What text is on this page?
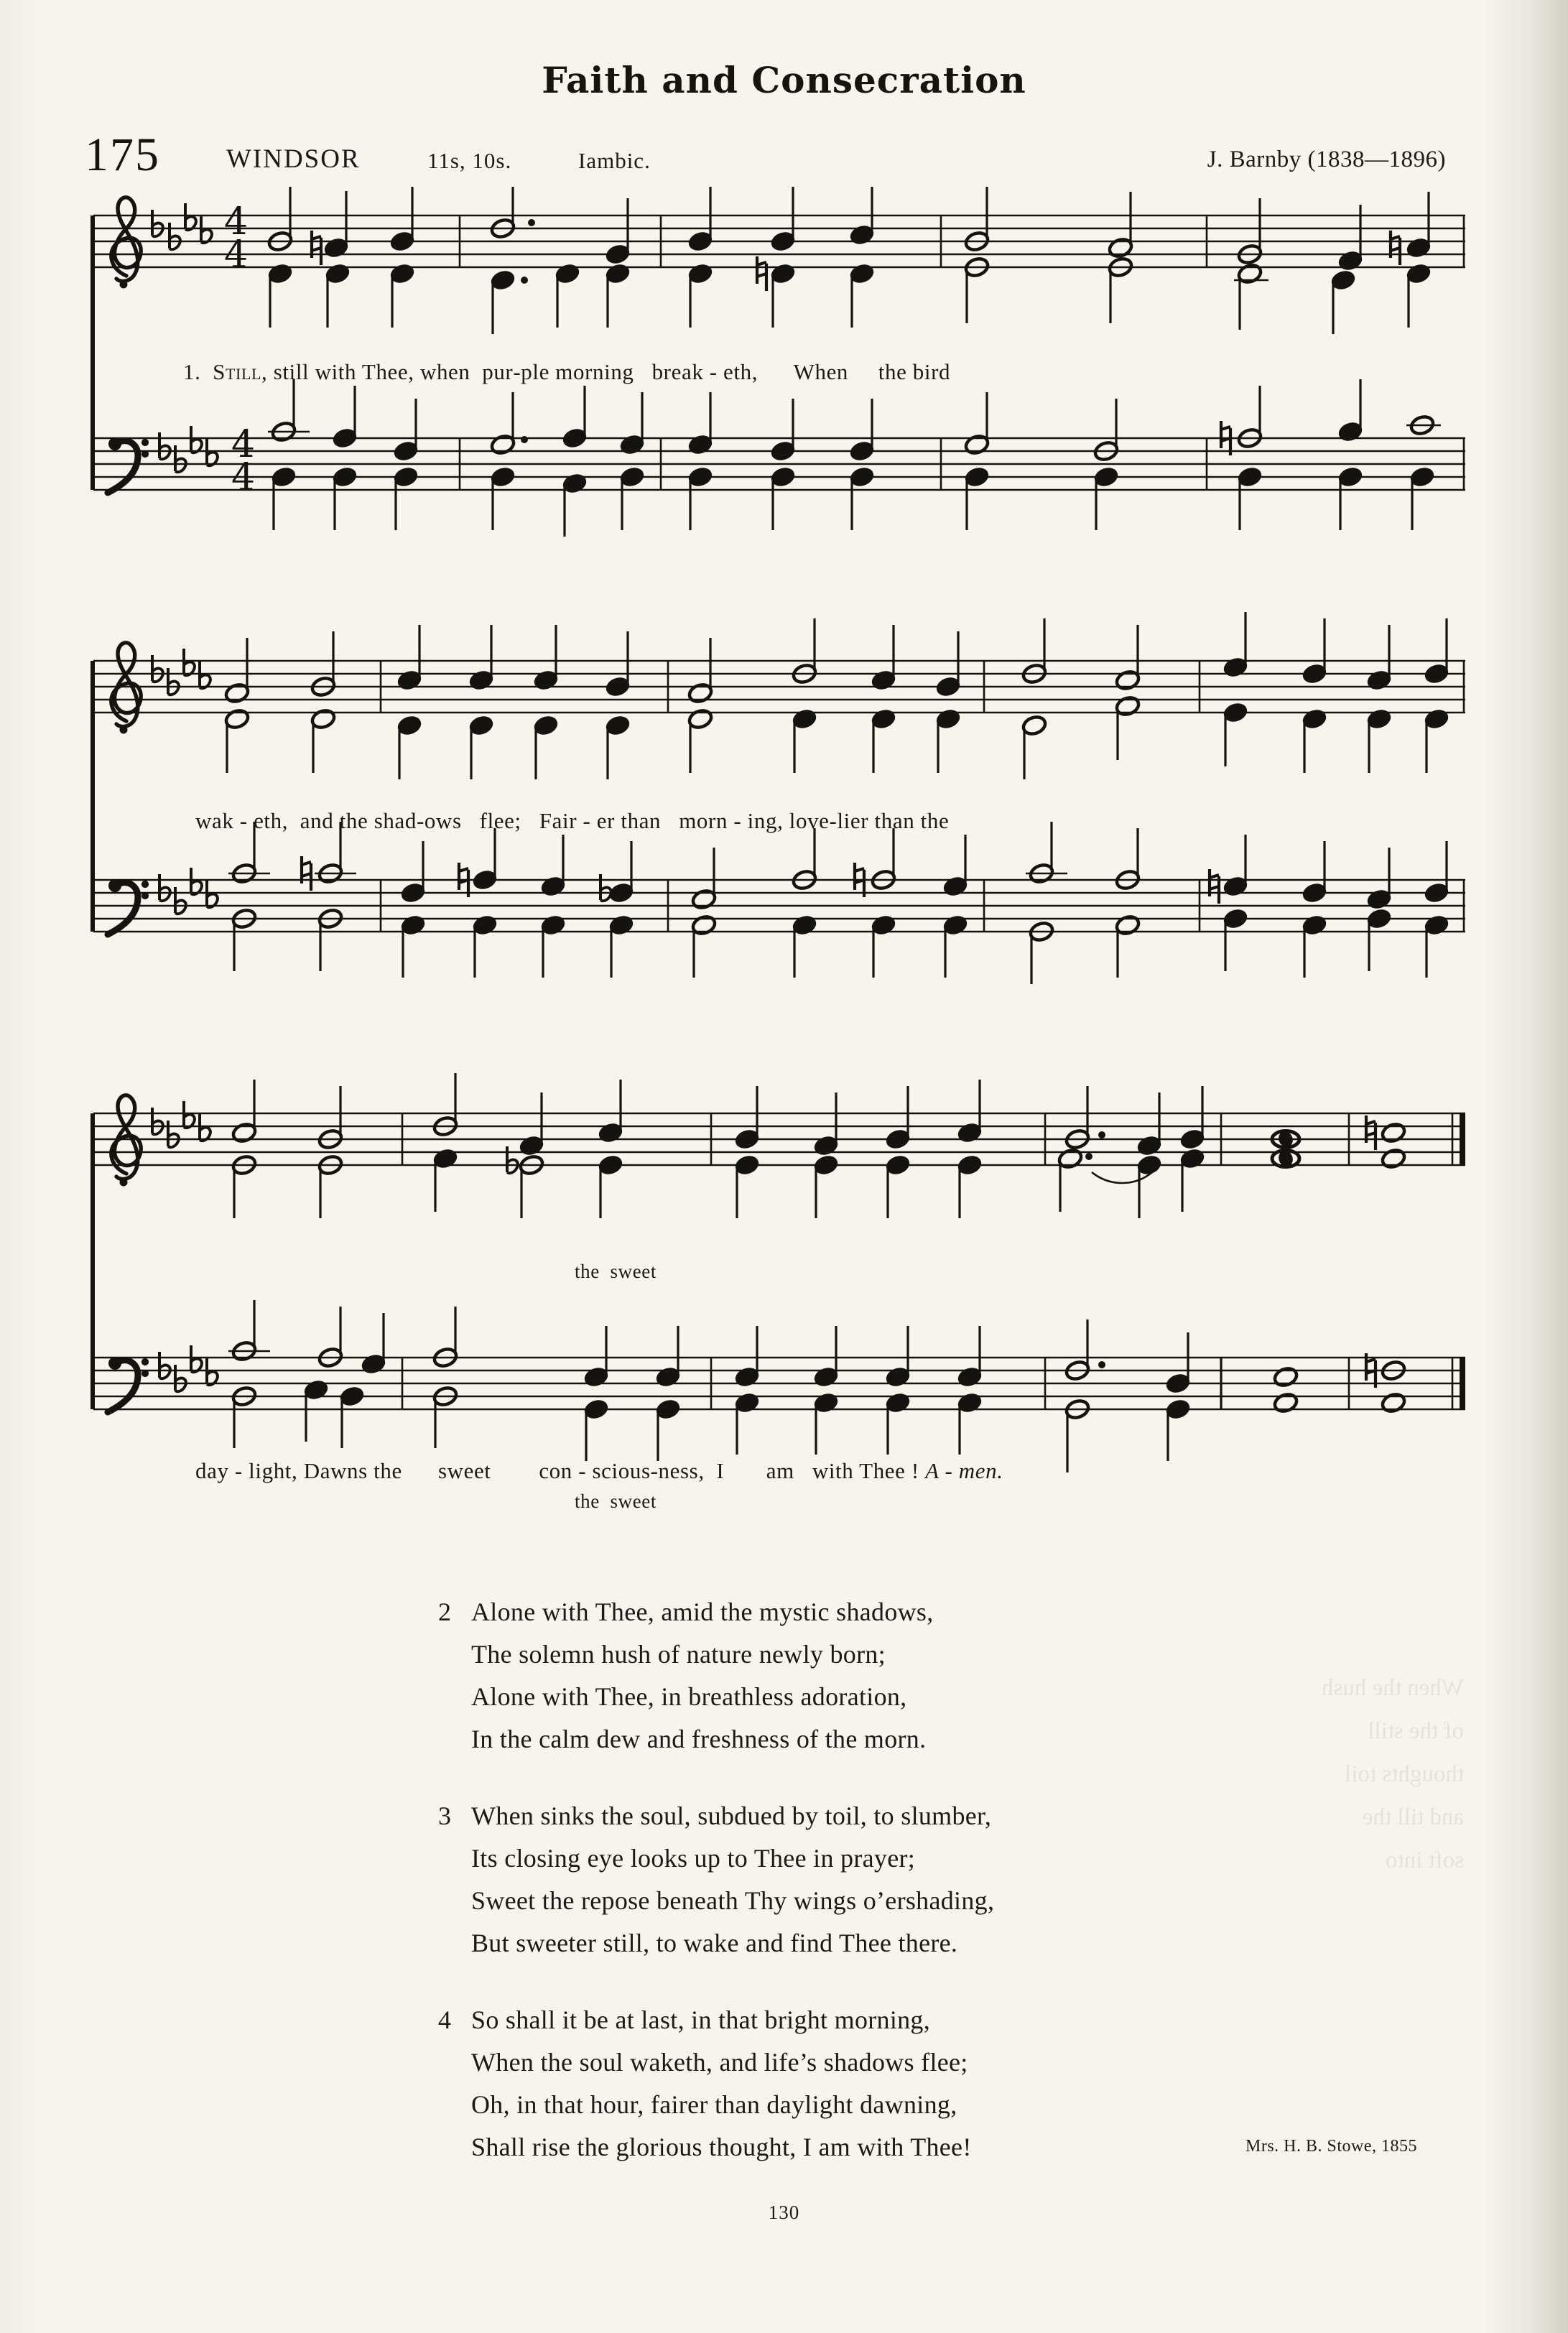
Faith and Consecration
175 WINDSOR	11s, 10s.	Iambic.	J. Barnby (1838—1896)
4
4
4
4
1.  Still, still with Thee, when  pur‑ple morning   break - eth,      When     the bird
wak - eth,  and the shad-ows   flee;   Fair - er than   morn - ing, love-lier than the
the  sweet
day - light, Dawns the      sweet        con - scious-ness,  I       am   with Thee ! A - men.
the  sweet
When the hush
of the still
thoughts toil
and till the
soft into
2 Alone with Thee, amid the mystic shadows,
The solemn hush of nature newly born;
Alone with Thee, in breathless adoration,
In the calm dew and freshness of the morn.
3 When sinks the soul, subdued by toil, to slumber,
Its closing eye looks up to Thee in prayer;
Sweet the repose beneath Thy wings o’ershading,
But sweeter still, to wake and find Thee there.
4 So shall it be at last, in that bright morning,
When the soul waketh, and life’s shadows flee;
Oh, in that hour, fairer than daylight dawning,
Shall rise the glorious thought, I am with Thee!	Mrs. H. B. Stowe, 1855
130
